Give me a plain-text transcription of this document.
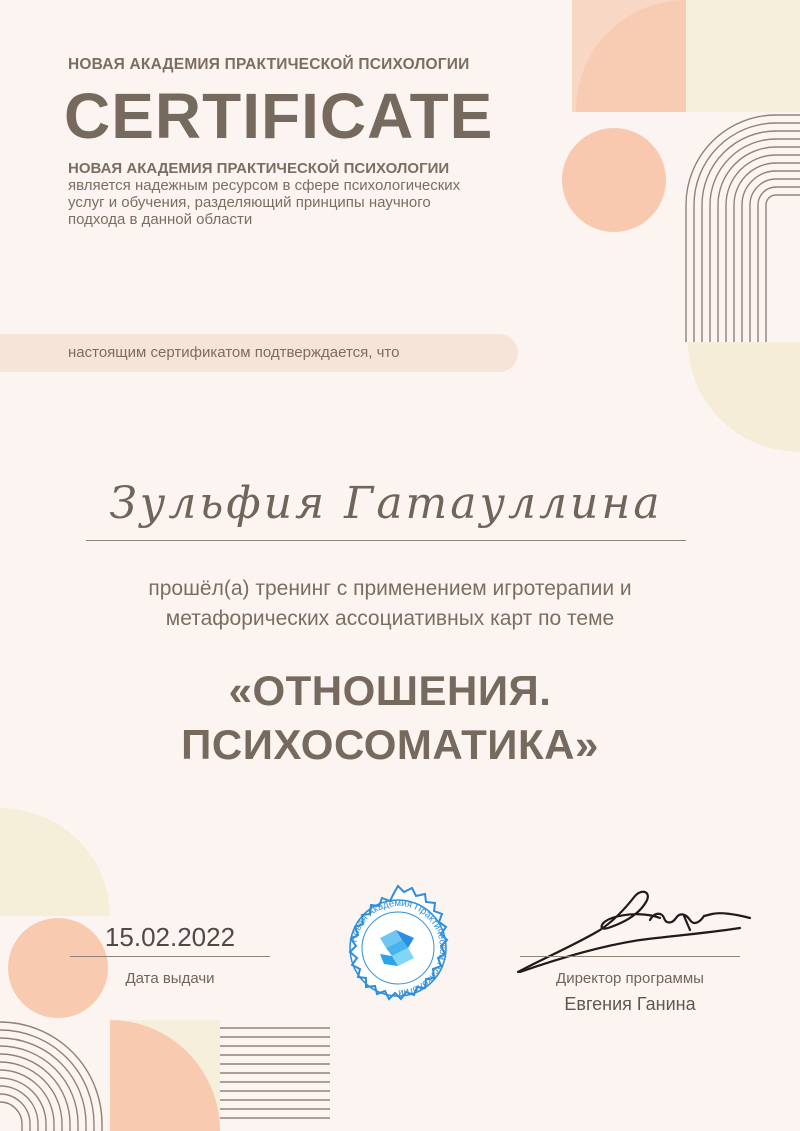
Новая Академия Практической Психологии
НОВАЯ АКАДЕМИЯ ПРАКТИЧЕСКОЙ ПСИХОЛОГИИ
CERTIFICATE
НОВАЯ АКАДЕМИЯ ПРАКТИЧЕСКОЙ ПСИХОЛОГИИ
является надежным ресурсом в сфере психологических услуг и обучения, разделяющий принципы научного подхода в данной области
настоящим сертификатом подтверждается, что
Зульфия Гатауллина
прошёл(а) тренинг с применением игротерапии и метафорических ассоциативных карт по теме
«ОТНОШЕНИЯ. ПСИХОСОМАТИКА»
15.02.2022
Дата выдачи	Директор программы
Евгения Ганина
